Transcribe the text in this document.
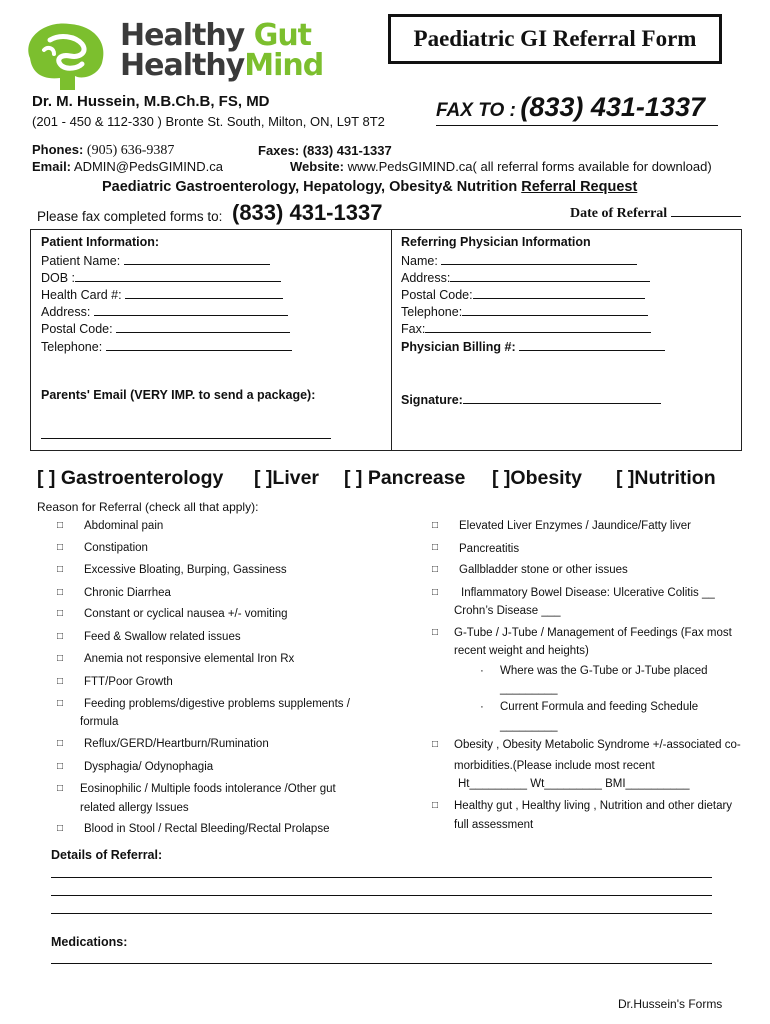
Healthy Gut
HealthyMind
Paediatric GI Referral Form
Dr. M. Hussein, M.B.Ch.B, FS, MD
(201 - 450 & 112-330 ) Bronte St. South, Milton, ON, L9T 8T2
FAX TO : (833) 431-1337
Phones: (905) 636-9387	Faxes: (833) 431-1337
Email: ADMIN@PedsGIMIND.ca	Website: www.PedsGIMIND.ca( all referral forms available for download)
Paediatric Gastroenterology, Hepatology, Obesity& Nutrition Referral Request
Please fax completed forms to: (833) 431-1337	Date of Referral
Patient Information:
Patient Name:
DOB :
Health Card #:
Address:
Postal Code:
Telephone:
Parents' Email (VERY IMP. to send a package):
Referring Physician Information
Name:
Address:
Postal Code:
Telephone:
Fax:
Physician Billing #:
Signature:
[ ] Gastroenterology [ ]Liver [ ] Pancrease [ ]Obesity [ ]Nutrition
Reason for Referral (check all that apply):
□ Abdominal pain
□ Constipation
□ Excessive Bloating, Burping, Gassiness
□ Chronic Diarrhea
□ Constant or cyclical nausea +/- vomiting
□ Feed & Swallow related issues
□ Anemia not responsive elemental Iron Rx
□ FTT/Poor Growth
□ Feeding problems/digestive problems supplements /
formula
□ Reflux/GERD/Heartburn/Rumination
□ Dysphagia/ Odynophagia
□ Eosinophilic / Multiple foods intolerance /Other gut
related allergy Issues
□ Blood in Stool / Rectal Bleeding/Rectal Prolapse
□ Elevated Liver Enzymes / Jaundice/Fatty liver
□ Pancreatitis
□ Gallbladder stone or other issues
□ Inflammatory Bowel Disease: Ulcerative Colitis __
Crohn’s Disease ___
□ G-Tube / J-Tube / Management of Feedings (Fax most
recent weight and heights)
· Where was the G-Tube or J-Tube placed
_________
· Current Formula and feeding Schedule
_________
□ Obesity , Obesity Metabolic Syndrome +/-associated co-
morbidities.(Please include most recent
Ht_________ Wt_________ BMI__________
□ Healthy gut , Healthy living , Nutrition and other dietary
full assessment
Details of Referral:
Medications:
Dr.Hussein's Forms
